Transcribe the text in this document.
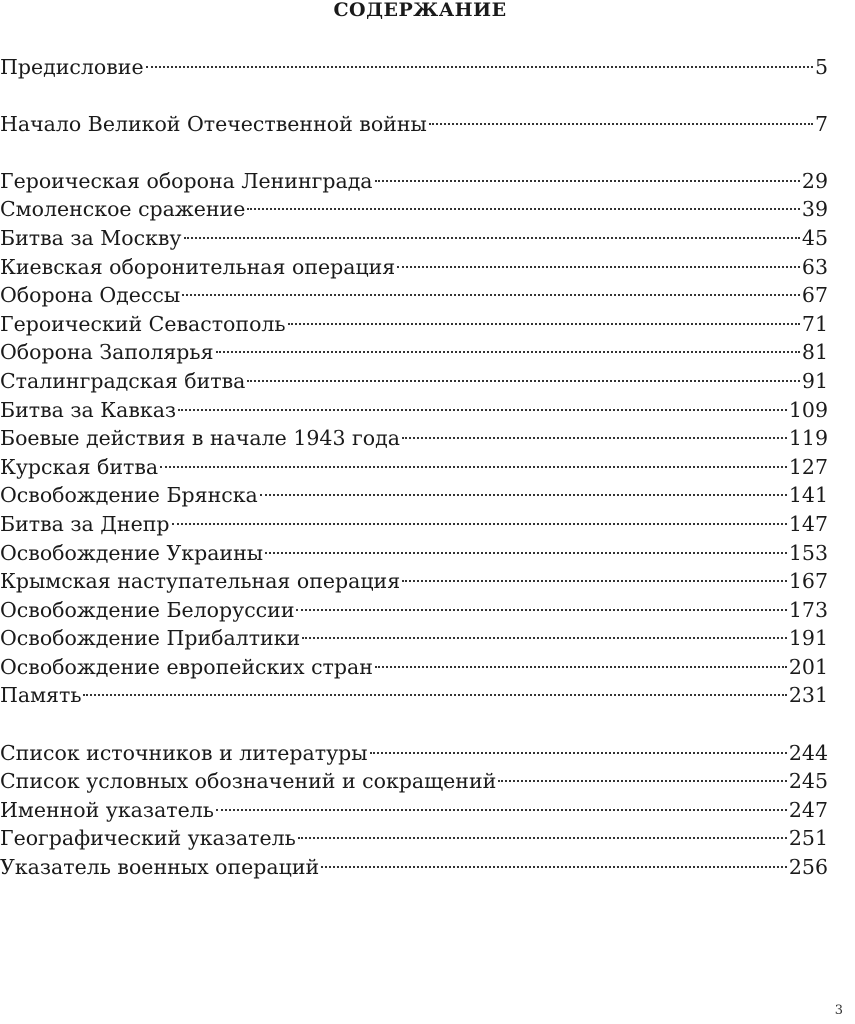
СОДЕРЖАНИЕ
Предисловие	5
Начало Великой Отечественной войны	7
Героическая оборона Ленинграда	29
Смоленское сражение	39
Битва за Москву	45
Киевская оборонительная операция	63
Оборона Одессы	67
Героический Севастополь	71
Оборона Заполярья	81
Сталинградская битва	91
Битва за Кавказ	109
Боевые действия в начале 1943 года	119
Курская битва	127
Освобождение Брянска	141
Битва за Днепр	147
Освобождение Украины	153
Крымская наступательная операция	167
Освобождение Белоруссии	173
Освобождение Прибалтики	191
Освобождение европейских стран	201
Память	231
Список источников и литературы	244
Список условных обозначений и сокращений	245
Именной указатель	247
Географический указатель	251
Указатель военных операций	256
3
